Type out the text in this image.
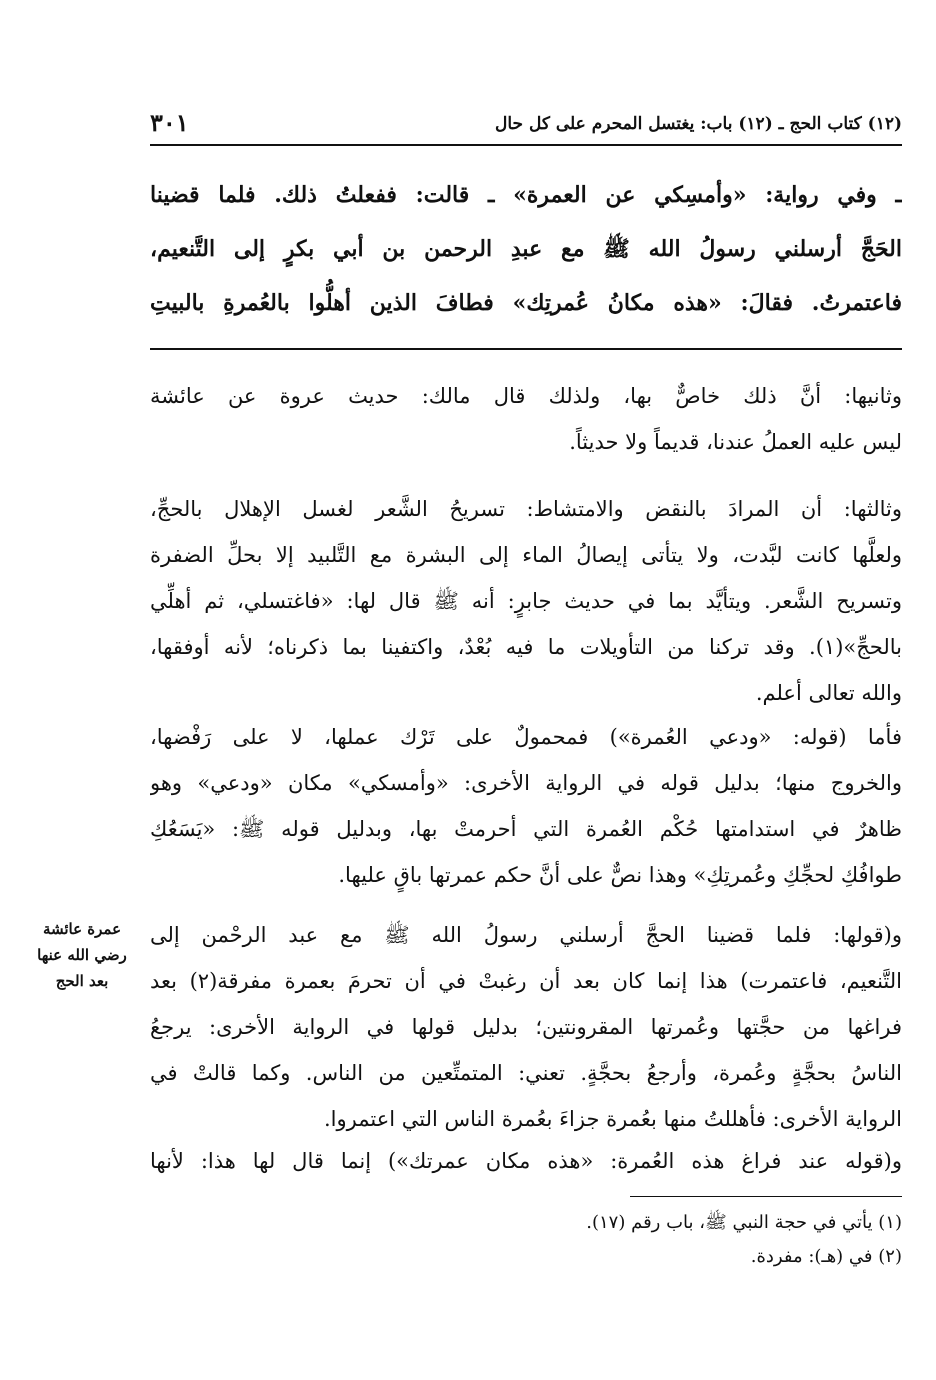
(١٢) كتاب الحج ـ (١٢) باب: يغتسل المحرم على كل حال
٣٠١
ـ وفي رواية: «وأمسِكي عن العمرة» ـ قالت: ففعلتُ ذلك. فلما قضينا
الحَجَّ أرسلني رسولُ الله ﷺ مع عبدِ الرحمن بن أبي بكرٍ إلى التَّنعيم،
فاعتمرتُ. فقالَ: «هذه مكانُ عُمرتِك» فطافَ الذين أهلُّوا بالعُمرةِ بالبيتِ
وثانيها: أنَّ ذلك خاصٌّ بها، ولذلك قال مالك: حديث عروة عن عائشة
ليس عليه العملُ عندنا، قديماً ولا حديثاً.
وثالثها: أن المرادَ بالنقض والامتشاط: تسريحُ الشَّعر لغسل الإهلال بالحجِّ،
ولعلَّها كانت لبَّدت، ولا يتأتى إيصالُ الماء إلى البشرة مع التَّلبيد إلا بحلِّ الضفرة
وتسريح الشَّعر. ويتأيَّد بما في حديث جابرٍ: أنه ﷺ قال لها: «فاغتسلي، ثم أهلِّي
بالحجِّ»(١). وقد تركنا من التأويلات ما فيه بُعْدٌ، واكتفينا بما ذكرناه؛ لأنه أوفقها،
والله تعالى أعلم.
فأما (قوله: «ودعي العُمرة») فمحمولٌ على تَرْك عملها، لا على رَفْضها،
والخروج منها؛ بدليل قوله في الرواية الأخرى: «وأمسكي» مكان «ودعي» وهو
ظاهرٌ في استدامتها حُكْم العُمرة التي أحرمتْ بها، وبدليل قوله ﷺ: «يَسَعُكِ
طوافُكِ لحجِّكِ وعُمرتِكِ» وهذا نصٌّ على أنَّ حكم عمرتها باقٍ عليها.
و(قولها: فلما قضينا الحجَّ أرسلني رسولُ الله ﷺ مع عبد الرحْمن إلى
التَّنعيم، فاعتمرت) هذا إنما كان بعد أن رغبتْ في أن تحرمَ بعمرة مفرقة(٢) بعد
فراغها من حجَّتها وعُمرتها المقرونتين؛ بدليل قولها في الرواية الأخرى: يرجعُ
الناسُ بحجَّةٍ وعُمرة، وأرجعُ بحجَّةٍ. تعني: المتمتِّعين من الناس. وكما قالتْ في
الرواية الأخرى: فأهللتُ منها بعُمرة جزاءَ بعُمرة الناس التي اعتمروا.
و(قوله عند فراغ هذه العُمرة: «هذه مكان عمرتك») إنما قال لها هذا: لأنها
عمرة عائشة
رضي الله عنها
بعد الحج
(١) يأتي في حجة النبي ﷺ، باب رقم (١٧).
(٢) في (هـ): مفردة.
